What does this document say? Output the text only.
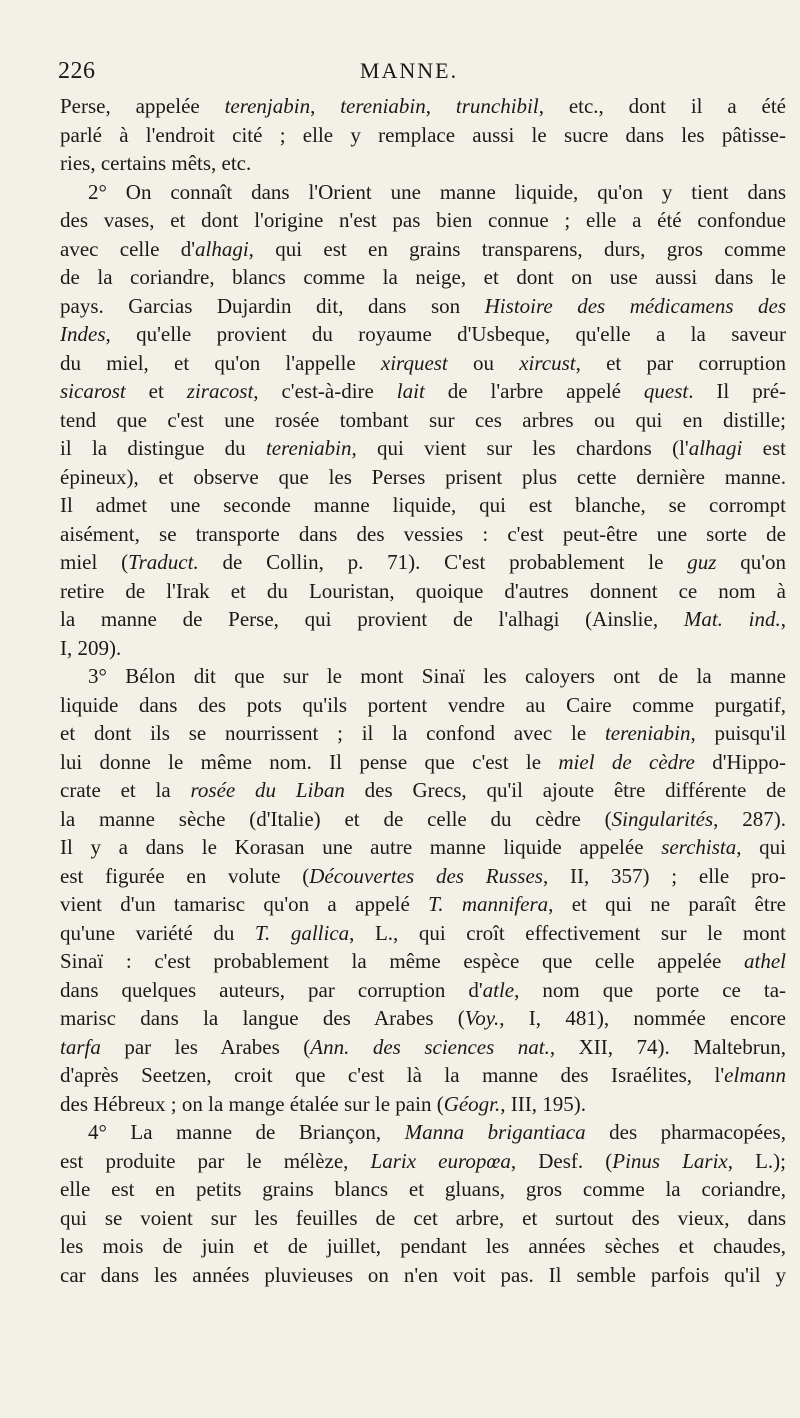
226	MANNE.
Perse, appelée terenjabin, tereniabin, trunchibil, etc., dont il a été
parlé à l'endroit cité ; elle y remplace aussi le sucre dans les pâtisse-
ries, certains mêts, etc.
2° On connaît dans l'Orient une manne liquide, qu'on y tient dans
des vases, et dont l'origine n'est pas bien connue ; elle a été confondue
avec celle d'alhagi, qui est en grains transparens, durs, gros comme
de la coriandre, blancs comme la neige, et dont on use aussi dans le
pays. Garcias Dujardin dit, dans son Histoire des médicamens des
Indes, qu'elle provient du royaume d'Usbeque, qu'elle a la saveur
du miel, et qu'on l'appelle xirquest ou xircust, et par corruption
sicarost et ziracost, c'est-à-dire lait de l'arbre appelé quest. Il pré-
tend que c'est une rosée tombant sur ces arbres ou qui en distille;
il la distingue du tereniabin, qui vient sur les chardons (l'alhagi est
épineux), et observe que les Perses prisent plus cette dernière manne.
Il admet une seconde manne liquide, qui est blanche, se corrompt
aisément, se transporte dans des vessies : c'est peut-être une sorte de
miel (Traduct. de Collin, p. 71). C'est probablement le guz qu'on
retire de l'Irak et du Louristan, quoique d'autres donnent ce nom à
la manne de Perse, qui provient de l'alhagi (Ainslie, Mat. ind.,
I, 209).
3° Bélon dit que sur le mont Sinaï les caloyers ont de la manne
liquide dans des pots qu'ils portent vendre au Caire comme purgatif,
et dont ils se nourrissent ; il la confond avec le tereniabin, puisqu'il
lui donne le même nom. Il pense que c'est le miel de cèdre d'Hippo-
crate et la rosée du Liban des Grecs, qu'il ajoute être différente de
la manne sèche (d'Italie) et de celle du cèdre (Singularités, 287).
Il y a dans le Korasan une autre manne liquide appelée serchista, qui
est figurée en volute (Découvertes des Russes, II, 357) ; elle pro-
vient d'un tamarisc qu'on a appelé T. mannifera, et qui ne paraît être
qu'une variété du T. gallica, L., qui croît effectivement sur le mont
Sinaï : c'est probablement la même espèce que celle appelée athel
dans quelques auteurs, par corruption d'atle, nom que porte ce ta-
marisc dans la langue des Arabes (Voy., I, 481), nommée encore
tarfa par les Arabes (Ann. des sciences nat., XII, 74). Maltebrun,
d'après Seetzen, croit que c'est là la manne des Israélites, l'elmann
des Hébreux ; on la mange étalée sur le pain (Géogr., III, 195).
4° La manne de Briançon, Manna brigantiaca des pharmacopées,
est produite par le mélèze, Larix europœa, Desf. (Pinus Larix, L.);
elle est en petits grains blancs et gluans, gros comme la coriandre,
qui se voient sur les feuilles de cet arbre, et surtout des vieux, dans
les mois de juin et de juillet, pendant les années sèches et chaudes,
car dans les années pluvieuses on n'en voit pas. Il semble parfois qu'il y
